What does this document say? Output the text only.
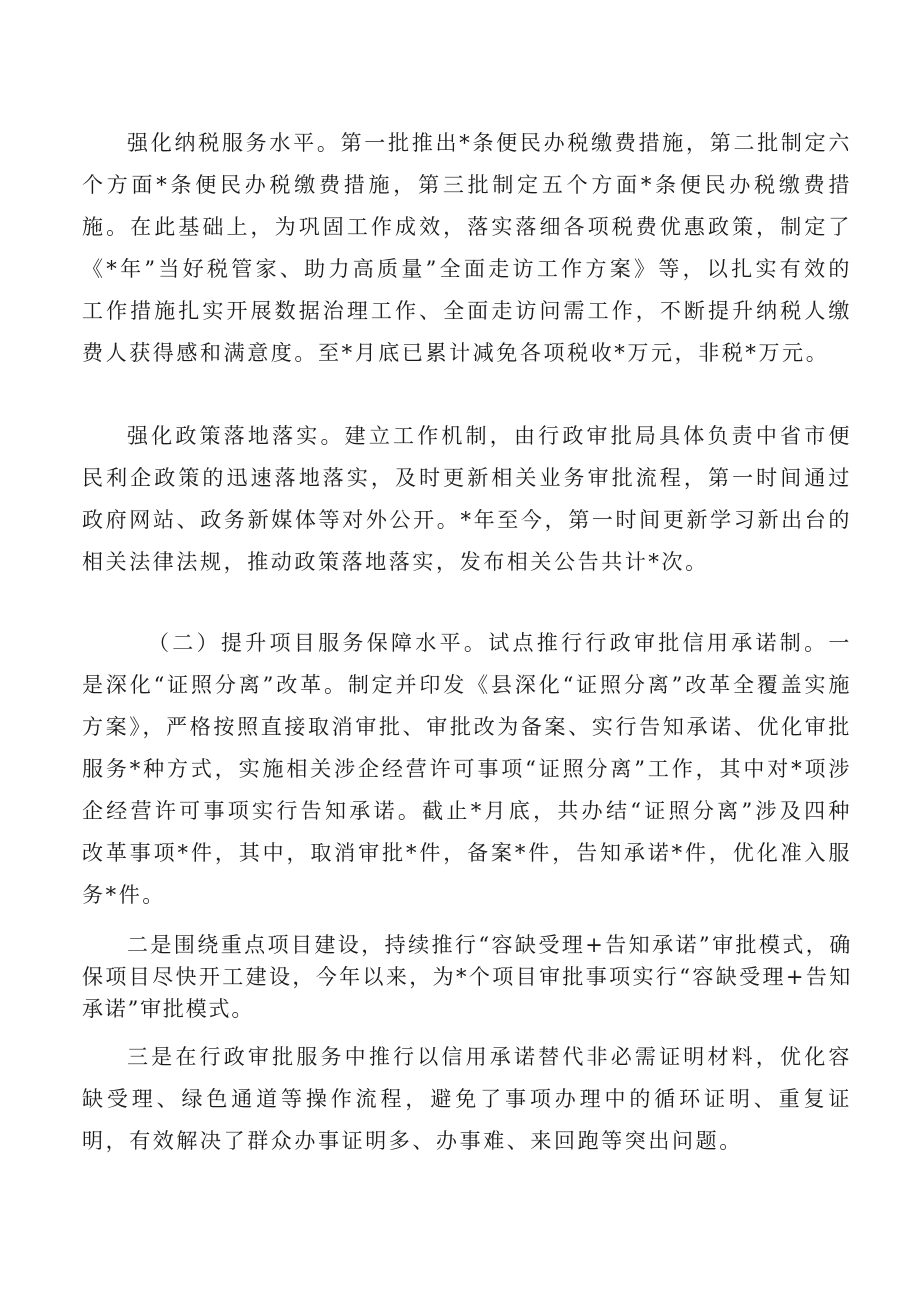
强化纳税服务水平。第一批推出*条便民办税缴费措施，第二批制定六个方面*条便民办税缴费措施，第三批制定五个方面*条便民办税缴费措施。在此基础上，为巩固工作成效，落实落细各项税费优惠政策，制定了《*年”当好税管家、助力高质量”全面走访工作方案》等，以扎实有效的工作措施扎实开展数据治理工作、全面走访问需工作，不断提升纳税人缴费人获得感和满意度。至*月底已累计减免各项税收*万元，非税*万元。

强化政策落地落实。建立工作机制，由行政审批局具体负责中省市便民利企政策的迅速落地落实，及时更新相关业务审批流程，第一时间通过政府网站、政务新媒体等对外公开。*年至今，第一时间更新学习新出台的相关法律法规，推动政策落地落实，发布相关公告共计*次。

（二）提升项目服务保障水平。试点推行行政审批信用承诺制。一是深化“证照分离”改革。制定并印发《县深化“证照分离”改革全覆盖实施方案》，严格按照直接取消审批、审批改为备案、实行告知承诺、优化审批服务*种方式，实施相关涉企经营许可事项“证照分离”工作，其中对*项涉企经营许可事项实行告知承诺。截止*月底，共办结“证照分离”涉及四种改革事项*件，其中，取消审批*件，备案*件，告知承诺*件，优化准入服务*件。

二是围绕重点项目建设，持续推行“容缺受理+告知承诺”审批模式，确保项目尽快开工建设，今年以来，为*个项目审批事项实行“容缺受理+告知承诺”审批模式。

三是在行政审批服务中推行以信用承诺替代非必需证明材料，优化容缺受理、绿色通道等操作流程，避免了事项办理中的循环证明、重复证明，有效解决了群众办事证明多、办事难、来回跑等突出问题。
